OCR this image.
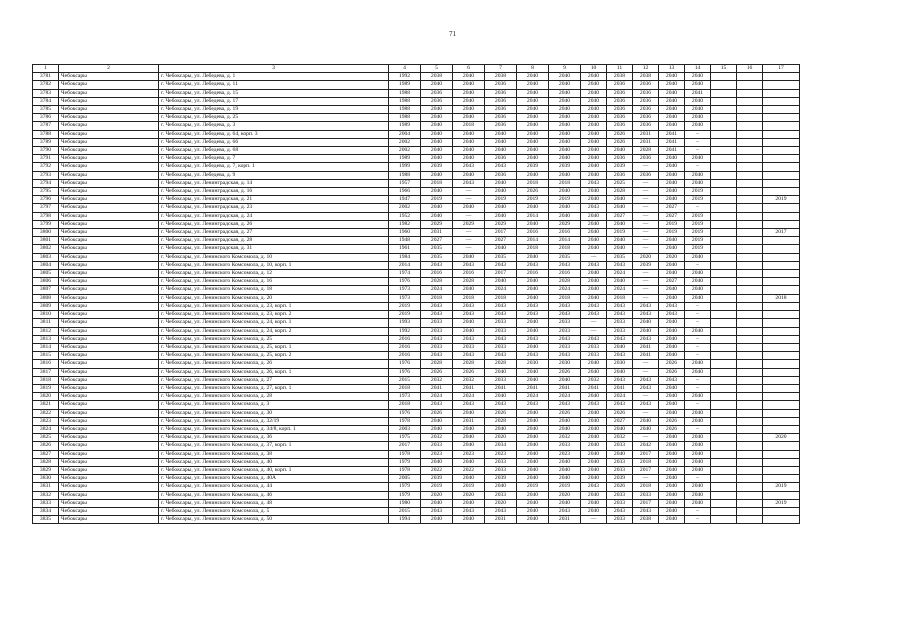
71
1	2	3	4	5	6	7	8	9	10	11	12	13	14	15	16	17
3781	Чебоксары	г. Чебоксары, ул. Лебедева, д. 1	1992	2038	2040	2038	2040	2040	2040	2038	2038	2040	2040			
3782	Чебоксары	г. Чебоксары, ул. Лебедева, д. 11	1989	2040	2040	2036	2040	2040	2040	2036	2036	2040	2040			
3783	Чебоксары	г. Чебоксары, ул. Лебедева, д. 15	1988	2036	2040	2036	2040	2040	2040	2036	2036	2040	2041			
3784	Чебоксары	г. Чебоксары, ул. Лебедева, д. 17	1988	2036	2040	2036	2040	2040	2040	2036	2036	2040	2040			
3785	Чебоксары	г. Чебоксары, ул. Лебедева, д. 19	1988	2040	2040	2036	2040	2040	2040	2036	2036	2040	2040			
3786	Чебоксары	г. Чебоксары, ул. Лебедева, д. 25	1988	2040	2040	2036	2040	2040	2040	2036	2036	2040	2040			
3787	Чебоксары	г. Чебоксары, ул. Лебедева, д. 3	1989	2040	2018	2036	2040	2040	2040	2036	2036	2040	2040			
3788	Чебоксары	г. Чебоксары, ул. Лебедева, д. 64, корп. 3	2004	2040	2040	2040	2040	2040	2040	2026	2031	2041	–			
3789	Чебоксары	г. Чебоксары, ул. Лебедева, д. 66	2002	2040	2040	2040	2040	2040	2040	2026	2031	2041	–			
3790	Чебоксары	г. Чебоксары, ул. Лебедева, д. 68	2002	2040	2040	2040	2040	2040	2040	2040	2028	2041	–			
3791	Чебоксары	г. Чебоксары, ул. Лебедева, д. 7	1989	2040	2040	2036	2040	2040	2040	2036	2036	2040	2040			
3792	Чебоксары	г. Чебоксары, ул. Лебедева, д. 7, корп. 1	1999	2039	2043	2043	2039	2039	2040	2039	—	2040	–			
3793	Чебоксары	г. Чебоксары, ул. Лебедева, д. 9	1988	2040	2040	2036	2040	2040	2040	2036	2036	2040	2040			
3794	Чебоксары	г. Чебоксары, ул. Ленинградская, д. 14	1957	2018	2043	2040	2018	2018	2043	2025	—	2040	2040			
3795	Чебоксары	г. Чебоксары, ул. Ленинградская, д. 16	1966	2040	—	2040	2026	2040	2040	2028	—	2040	2019			
3796	Чебоксары	г. Чебоксары, ул. Ленинградская, д. 21	1947	2019	—	2019	2019	2019	2040	2040	—	2040	2019			2019
3797	Чебоксары	г. Чебоксары, ул. Ленинградская, д. 23	2002	2040	2040	2040	2040	2040	2043	2040	—	2027	–			
3798	Чебоксары	г. Чебоксары, ул. Ленинградская, д. 24	1952	2040	—	2040	2014	2040	2040	2027	—	2027	2019			
3799	Чебоксары	г. Чебоксары, ул. Ленинградская, д. 26	1982	2029	2029	2029	2040	2029	2040	2040	—	2019	2019			
3800	Чебоксары	г. Чебоксары, ул. Ленинградская, д. 27	1960	2031	—	2017	2016	2016	2040	2019	—	2019	2019			2017
3801	Чебоксары	г. Чебоксары, ул. Ленинградская, д. 28	1948	2027	—	2027	2014	2014	2040	2040	—	2040	2019			
3802	Чебоксары	г. Чебоксары, ул. Ленинградская, д. 31	1961	2035	—	2040	2018	2018	2040	2040	—	2040	2019			
3803	Чебоксары	г. Чебоксары, ул. Ленинского Комсомола, д. 10	1984	2035	2040	2035	2040	2035	—	2035	2020	2020	2040			
3804	Чебоксары	г. Чебоксары, ул. Ленинского Комсомола, д. 10, корп. 1	2014	2043	2043	2043	2043	2043	2043	2043	2039	2040	–			
3805	Чебоксары	г. Чебоксары, ул. Ленинского Комсомола, д. 12	1974	2016	2016	2017	2016	2016	2040	2024	—	2040	2040			
3806	Чебоксары	г. Чебоксары, ул. Ленинского Комсомола, д. 16	1976	2028	2028	2040	2040	2028	2040	2040	—	2027	2040			
3807	Чебоксары	г. Чебоксары, ул. Ленинского Комсомола, д. 18	1973	2024	2040	2024	2040	2024	2040	2024	—	2040	2040			
3808	Чебоксары	г. Чебоксары, ул. Ленинского Комсомола, д. 20	1973	2018	2018	2018	2040	2018	2040	2018	—	2040	2040			2018
3809	Чебоксары	г. Чебоксары, ул. Ленинского Комсомола, д. 23, корп. 1	2019	2043	2043	2043	2043	2043	2043	2043	2043	2043	–			
3810	Чебоксары	г. Чебоксары, ул. Ленинского Комсомола, д. 23, корп. 2	2019	2043	2043	2043	2043	2043	2043	2043	2043	2043	–			
3811	Чебоксары	г. Чебоксары, ул. Ленинского Комсомола, д. 24, корп. 1	1993	2033	2040	2033	2040	2033	—	2033	2040	2040	–			
3812	Чебоксары	г. Чебоксары, ул. Ленинского Комсомола, д. 24, корп. 2	1992	2033	2040	2033	2040	2033	—	2033	2040	2040	2040			
3813	Чебоксары	г. Чебоксары, ул. Ленинского Комсомола, д. 25	2016	2043	2043	2043	2043	2043	2043	2043	2043	2040	–			
3814	Чебоксары	г. Чебоксары, ул. Ленинского Комсомола, д. 25, корп. 1	2016	2033	2033	2033	2040	2033	2033	2040	2041	2040	–			
3815	Чебоксары	г. Чебоксары, ул. Ленинского Комсомола, д. 25, корп. 2	2016	2043	2043	2043	2043	2043	2033	2043	2041	2040	–			
3816	Чебоксары	г. Чебоксары, ул. Ленинского Комсомола, д. 26	1976	2028	2028	2028	2030	2030	2040	2030	—	2026	2040			
3817	Чебоксары	г. Чебоксары, ул. Ленинского Комсомола, д. 26, корп. 1	1976	2026	2026	2040	2040	2026	2040	2040	—	2026	2040			
3818	Чебоксары	г. Чебоксары, ул. Ленинского Комсомола, д. 27	2015	2032	2032	2033	2040	2040	2032	2043	2043	2043	–			
3819	Чебоксары	г. Чебоксары, ул. Ленинского Комсомола, д. 27, корп. 1	2018	2041	2041	2041	2041	2041	2041	2041	2043	2040	–			
3820	Чебоксары	г. Чебоксары, ул. Ленинского Комсомола, д. 28	1973	2024	2024	2040	2024	2024	2040	2024	—	2040	2040			
3821	Чебоксары	г. Чебоксары, ул. Ленинского Комсомола, д. 3	2018	2043	2043	2043	2043	2043	2043	2043	2043	2040	–			
3822	Чебоксары	г. Чебоксары, ул. Ленинского Комсомола, д. 30	1976	2026	2040	2026	2040	2026	2040	2026	—	2040	2040			
3823	Чебоксары	г. Чебоксары, ул. Ленинского Комсомола, д. 32/19	1978	2040	2031	2028	2040	2040	2040	2027	2040	2026	2040			
3824	Чебоксары	г. Чебоксары, ул. Ленинского Комсомола, д. 34/8, корп. 1	2003	2040	2040	2040	2040	2040	2040	2040	2040	2026	–			
3825	Чебоксары	г. Чебоксары, ул. Ленинского Комсомола, д. 36	1975	2032	2040	2020	2040	2032	2040	2032	—	2040	2040			2020
3826	Чебоксары	г. Чебоксары, ул. Ленинского Комсомола, д. 37, корп. 1	2017	2033	2040	2034	2040	2033	2040	2033	2042	2040	2040			
3827	Чебоксары	г. Чебоксары, ул. Ленинского Комсомола, д. 38	1978	2023	2023	2023	2040	2023	2040	2040	2017	2040	2040			
3828	Чебоксары	г. Чебоксары, ул. Ленинского Комсомола, д. 40	1979	2040	2040	2033	2040	2040	2040	2033	2018	2040	2040			
3829	Чебоксары	г. Чебоксары, ул. Ленинского Комсомола, д. 40, корп. 1	1978	2022	2022	2033	2040	2040	2040	2033	2017	2040	2040			
3830	Чебоксары	г. Чебоксары, ул. Ленинского Комсомола, д. 40А	2005	2039	2040	2039	2040	2040	2040	2039	—	2040	–			
3831	Чебоксары	г. Чебоксары, ул. Ленинского Комсомола, д. 44	1979	2019	2019	2040	2019	2019	2043	2026	2018	2040	2040			2019
3832	Чебоксары	г. Чебоксары, ул. Ленинского Комсомола, д. 46	1979	2020	2020	2033	2040	2020	2040	2033	2033	2040	2040			
3833	Чебоксары	г. Чебоксары, ул. Ленинского Комсомола, д. 48	1980	2040	2040	2020	2040	2040	2040	2033	2017	2040	2040			2019
3834	Чебоксары	г. Чебоксары, ул. Ленинского Комсомола, д. 5	2015	2043	2043	2043	2040	2043	2040	2043	2043	2040	–			
3835	Чебоксары	г. Чебоксары, ул. Ленинского Комсомола, д. 50	1994	2040	2040	2031	2040	2031	—	2033	2038	2040	–			
